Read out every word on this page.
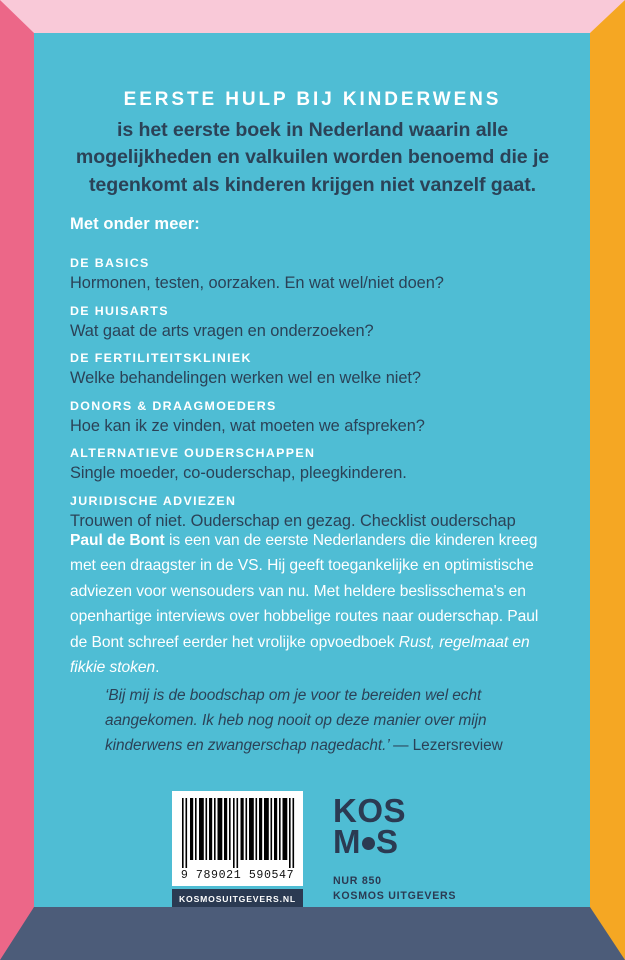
EERSTE HULP BIJ KINDERWENS
is het eerste boek in Nederland waarin alle mogelijkheden en valkuilen worden benoemd die je tegenkomt als kinderen krijgen niet vanzelf gaat.
Met onder meer:
DE BASICS
Hormonen, testen, oorzaken. En wat wel/niet doen?
DE HUISARTS
Wat gaat de arts vragen en onderzoeken?
DE FERTILITEITSKLINIEK
Welke behandelingen werken wel en welke niet?
DONORS & DRAAGMOEDERS
Hoe kan ik ze vinden, wat moeten we afspreken?
ALTERNATIEVE OUDERSCHAPPEN
Single moeder, co-ouderschap, pleegkinderen.
JURIDISCHE ADVIEZEN
Trouwen of niet. Ouderschap en gezag. Checklist ouderschap
Paul de Bont is een van de eerste Nederlanders die kinderen kreeg met een draagster in de VS. Hij geeft toegankelijke en optimistische adviezen voor wensouders van nu. Met heldere beslisschema's en openhartige interviews over hobbelige routes naar ouderschap. Paul de Bont schreef eerder het vrolijke opvoedboek Rust, regelmaat en fikkie stoken.
‘Bij mij is de boodschap om je voor te bereiden wel echt aangekomen. Ik heb nog nooit op deze manier over mijn kinderwens en zwangerschap nagedacht.’ — Lezersreview
9 789021 590547
KOSMOSUITGEVERS.NL
KOS
M S
NUR 850
KOSMOS UITGEVERS
UTRECHT/ANTWERPEN
